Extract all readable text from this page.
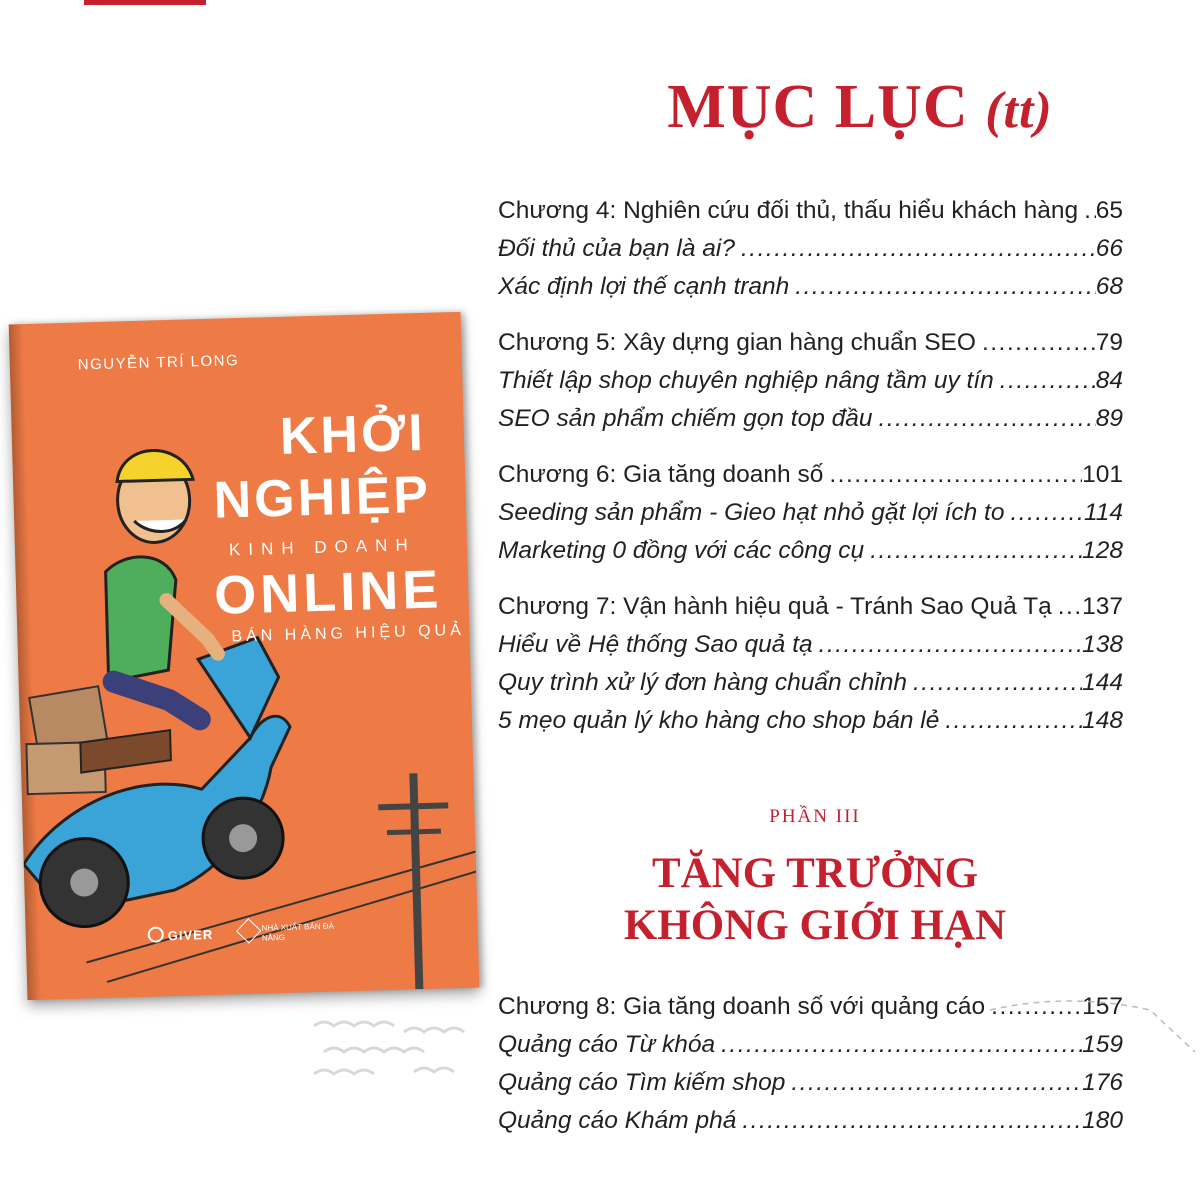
MỤC LỤC (tt)
NGUYỄN TRÍ LONG
KHỞI
NGHIỆP
KINH DOANH
ONLINE
BÁN HÀNG HIỆU QUẢ
GIVER	NHÀ XUẤT BẢN ĐÀ NẴNG
Chương 4: Nghiên cứu đối thủ, thấu hiểu khách hàng ..... 65
Đối thủ của bạn là ai? .....	66
Xác định lợi thế cạnh tranh .....	68
Chương 5: Xây dựng gian hàng chuẩn SEO .....	79
Thiết lập shop chuyên nghiệp nâng tầm uy tín .....	84
SEO sản phẩm chiếm gọn top đầu .....	89
Chương 6: Gia tăng doanh số .....	101
Seeding sản phẩm - Gieo hạt nhỏ gặt lợi ích to .....	114
Marketing 0 đồng với các công cụ .....	128
Chương 7: Vận hành hiệu quả - Tránh Sao Quả Tạ ..... 137
Hiểu về Hệ thống Sao quả tạ .....	138
Quy trình xử lý đơn hàng chuẩn chỉnh .....	144
5 mẹo quản lý kho hàng cho shop bán lẻ .....	148
PHẦN III
TĂNG TRƯỞNG
KHÔNG GIỚI HẠN
Chương 8: Gia tăng doanh số với quảng cáo .....	157
Quảng cáo Từ khóa .....	159
Quảng cáo Tìm kiếm shop .....	176
Quảng cáo Khám phá .....	180
